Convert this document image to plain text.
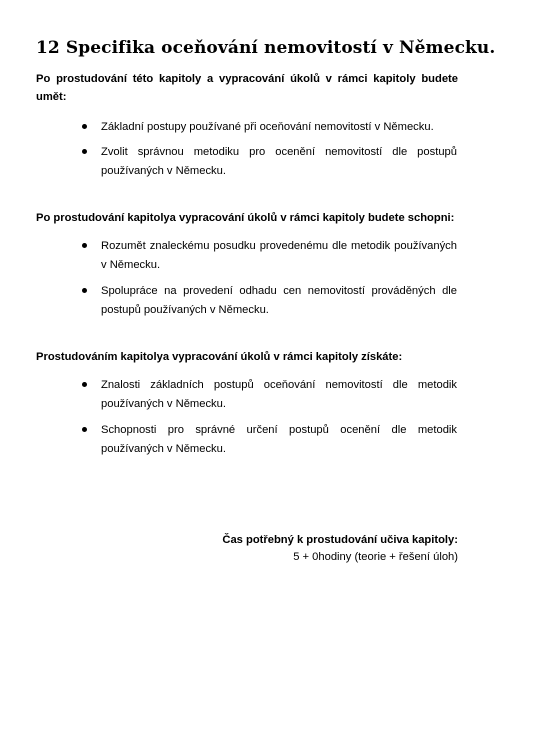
12 Specifika oceňování nemovitostí v Německu.

Po prostudování této kapitoly a vypracování úkolů v rámci kapitoly budete umět:

Základní postupy používané při oceňování nemovitostí v Německu.
Zvolit správnou metodiku pro ocenění nemovitostí dle postupů používaných v Německu.

Po prostudování kapitolya vypracování úkolů v rámci kapitoly budete schopni:

Rozumět znaleckému posudku provedenému dle metodik používaných v Německu.
Spolupráce na provedení odhadu cen nemovitostí prováděných dle postupů používaných v Německu.

Prostudováním kapitolya vypracování úkolů v rámci kapitoly získáte:

Znalosti základních postupů oceňování nemovitostí dle metodik používaných v Německu.
Schopnosti pro správné určení postupů ocenění dle metodik používaných v Německu.
Čas potřebný k prostudování učiva kapitoly:
5 + 0hodiny (teorie + řešení úloh)
